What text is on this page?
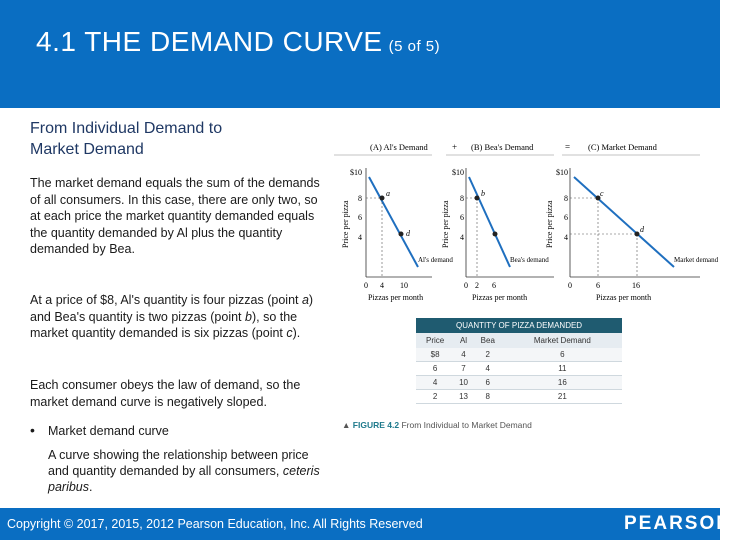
4.1 THE DEMAND CURVE (5 of 5)
From Individual Demand to
Market Demand
The market demand equals the sum of the demands of all consumers. In this case, there are only two, so at each price the market quantity demanded equals the quantity demanded by Al plus the quantity demanded by Bea.
At a price of $8, Al's quantity is four pizzas (point a) and Bea's quantity is two pizzas (point b), so the market quantity demanded is six pizzas (point c).
Each consumer obeys the law of demand, so the market demand curve is negatively sloped.
• Market demand curve
A curve showing the relationship between price and quantity demanded by all consumers, ceteris paribus.
(A) Al's Demand	+ (B) Bea's Demand	= (C) Market Demand
Price per pizza
$10
8
6
4
a
d
Al's demand
0 4 10
Pizzas per month
Price per pizza
$10
8
6
4
b
Bea's demand
0 2 6
Pizzas per month
Price per pizza
$10
8
6
4
c
d
Market demand
0	6	16
Pizzas per month
QUANTITY OF PIZZA DEMANDED
Price	Al	Bea	Market Demand
$8	4	2	6
6	7	4	11
4	10	6	16
2	13	8	21
▲ FIGURE 4.2 From Individual to Market Demand
Copyright © 2017, 2015, 2012 Pearson Education, Inc. All Rights Reserved	PEARSON
